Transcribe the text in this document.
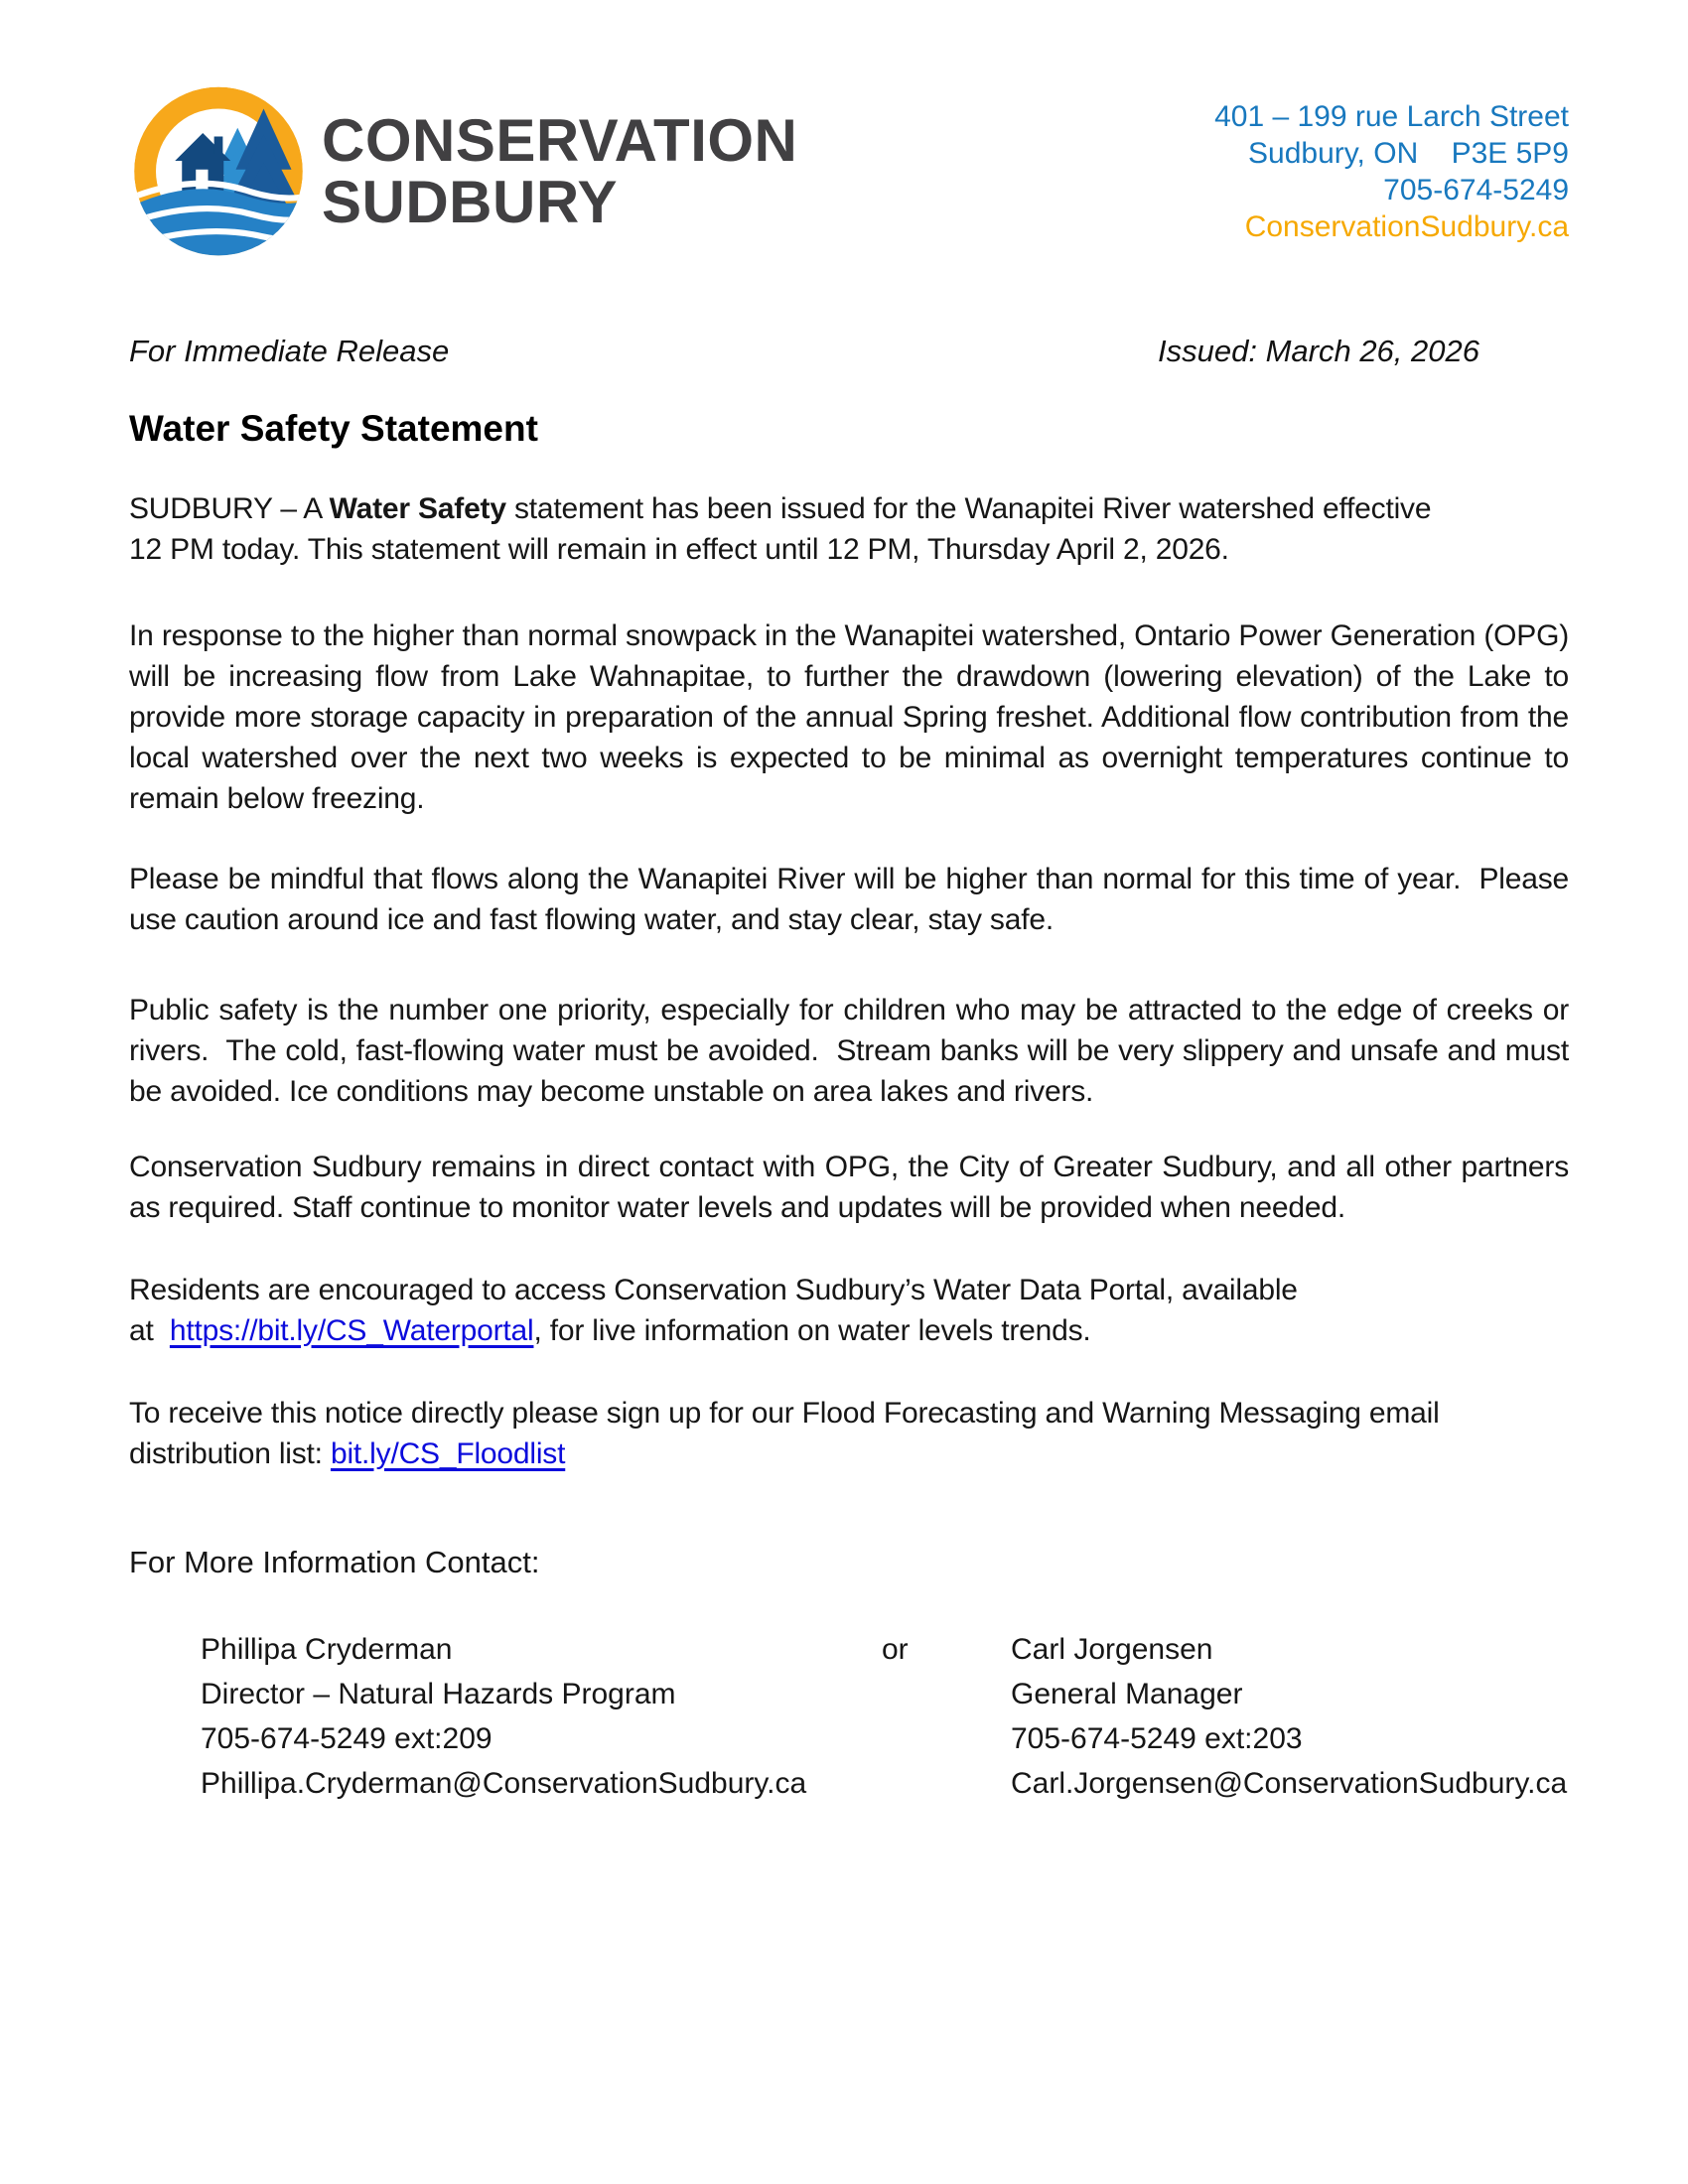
CONSERVATION
SUDBURY
401 – 199 rue Larch Street
Sudbury, ON    P3E 5P9
705-674-5249
ConservationSudbury.ca
For Immediate Release	Issued: March 26, 2026
Water Safety Statement

SUDBURY – A Water Safety statement has been issued for the Wanapitei River watershed effective
12 PM today. This statement will remain in effect until 12 PM, Thursday April 2, 2026.

In response to the higher than normal snowpack in the Wanapitei watershed, Ontario Power Generation (OPG) will be increasing flow from Lake Wahnapitae, to further the drawdown (lowering elevation) of the Lake to provide more storage capacity in preparation of the annual Spring freshet. Additional flow contribution from the local watershed over the next two weeks is expected to be minimal as overnight temperatures continue to remain below freezing.

Please be mindful that flows along the Wanapitei River will be higher than normal for this time of year.  Please use caution around ice and fast flowing water, and stay clear, stay safe.

Public safety is the number one priority, especially for children who may be attracted to the edge of creeks or rivers.  The cold, fast-flowing water must be avoided.  Stream banks will be very slippery and unsafe and must be avoided. Ice conditions may become unstable on area lakes and rivers.

Conservation Sudbury remains in direct contact with OPG, the City of Greater Sudbury, and all other partners as required. Staff continue to monitor water levels and updates will be provided when needed.

Residents are encouraged to access Conservation Sudbury’s Water Data Portal, available
at  https://bit.ly/CS_Waterportal, for live information on water levels trends.

To receive this notice directly please sign up for our Flood Forecasting and Warning Messaging email
distribution list: bit.ly/CS_Floodlist

For More Information Contact:

Phillipa Cryderman
Director – Natural Hazards Program
705-674-5249 ext:209
Phillipa.Cryderman@ConservationSudbury.ca
or	Carl Jorgensen
General Manager
705-674-5249 ext:203
Carl.Jorgensen@ConservationSudbury.ca
